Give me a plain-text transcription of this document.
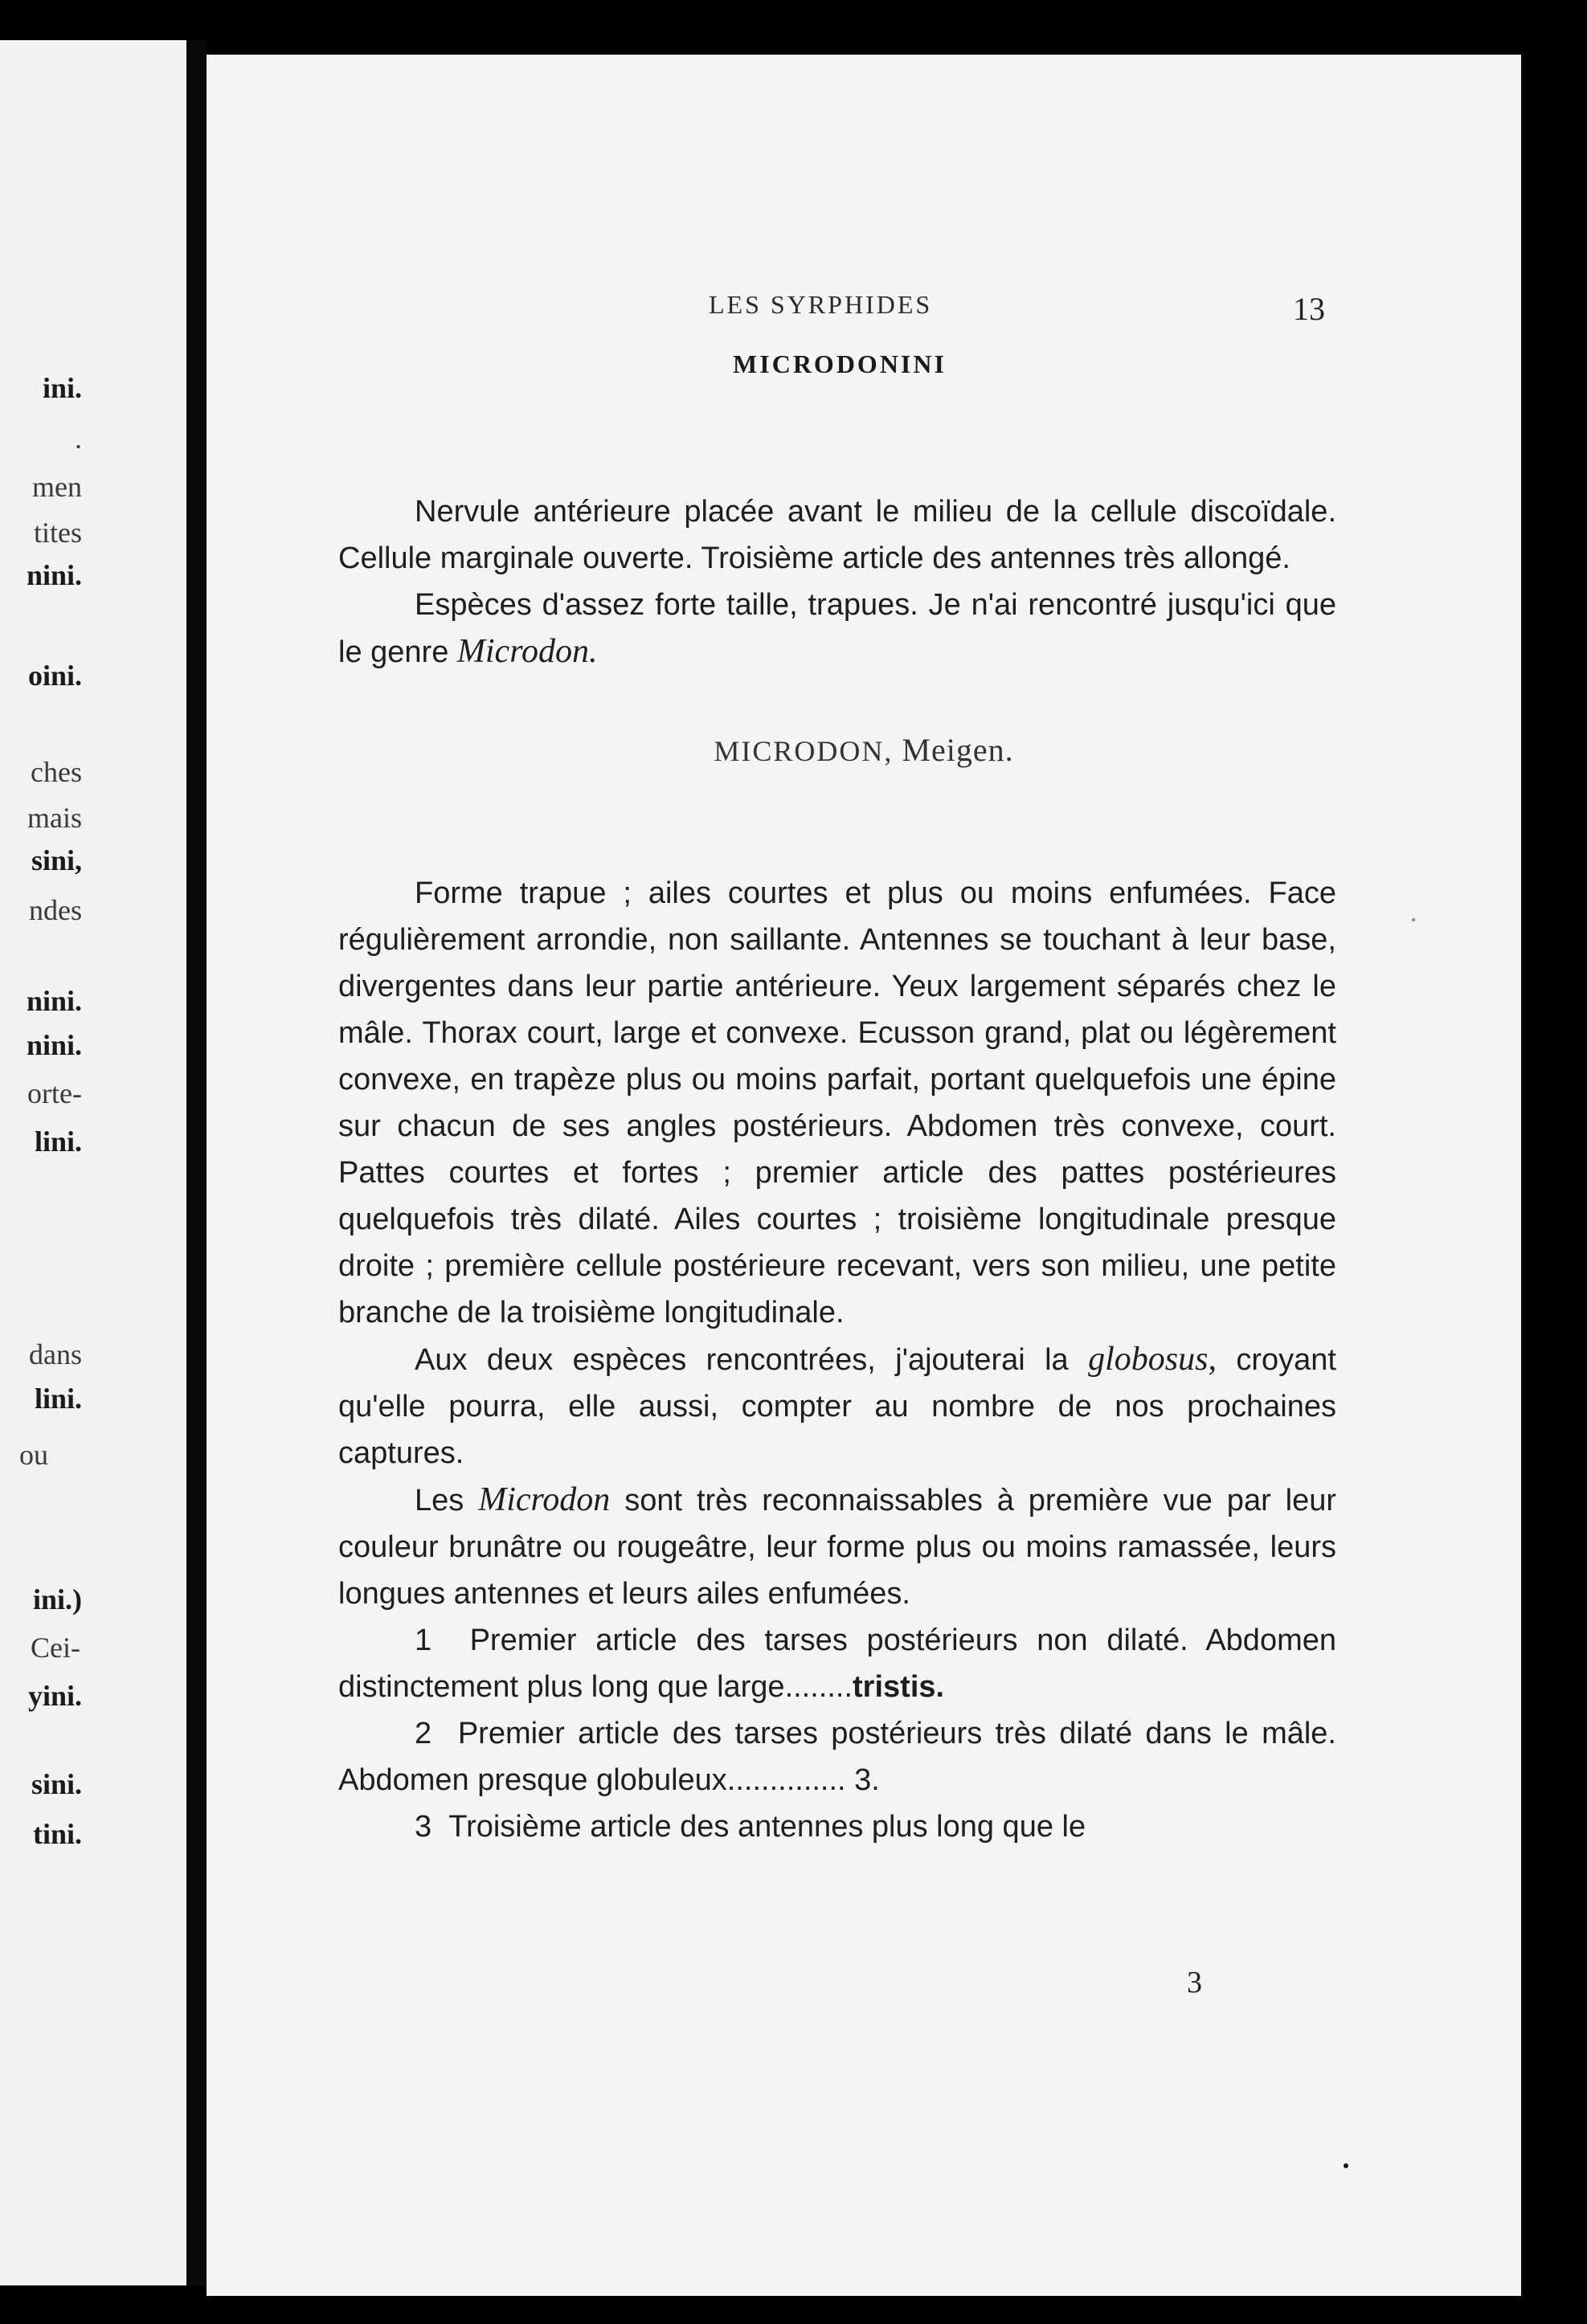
ini.
.
men
tites
nini.
oini.
ches
mais
sini,
ndes
nini.
nini.
orte-
lini.
dans
lini.
ou
ini.)
Cei-
yini.
sini.
tini.
LES SYRPHIDES	13
MICRODONINI

Nervule antérieure placée avant le milieu de la cellule discoïdale. Cellule marginale ouverte. Troisième article des antennes très allongé.

Espèces d'assez forte taille, trapues. Je n'ai rencontré jusqu'ici que le genre Microdon.

MICRODON, Meigen.

Forme trapue ; ailes courtes et plus ou moins enfumées. Face régulièrement arrondie, non saillante. Antennes se touchant à leur base, divergentes dans leur partie antérieure. Yeux largement séparés chez le mâle. Thorax court, large et convexe. Ecusson grand, plat ou légèrement convexe, en trapèze plus ou moins parfait, portant quelquefois une épine sur chacun de ses angles postérieurs. Abdomen très convexe, court. Pattes courtes et fortes ; premier article des pattes postérieures quelquefois très dilaté. Ailes courtes ; troisième longitudinale presque droite ; première cellule postérieure recevant, vers son milieu, une petite branche de la troisième longitudinale.

Aux deux espèces rencontrées, j'ajouterai la globosus, croyant qu'elle pourra, elle aussi, compter au nombre de nos prochaines captures.

Les Microdon sont très reconnaissables à première vue par leur couleur brunâtre ou rougeâtre, leur forme plus ou moins ramassée, leurs longues antennes et leurs ailes enfumées.

1 Premier article des tarses postérieurs non dilaté. Abdomen distinctement plus long que large........tristis.

2 Premier article des tarses postérieurs très dilaté dans le mâle. Abdomen presque globuleux.............. 3.

3 Troisième article des antennes plus long que le

3
